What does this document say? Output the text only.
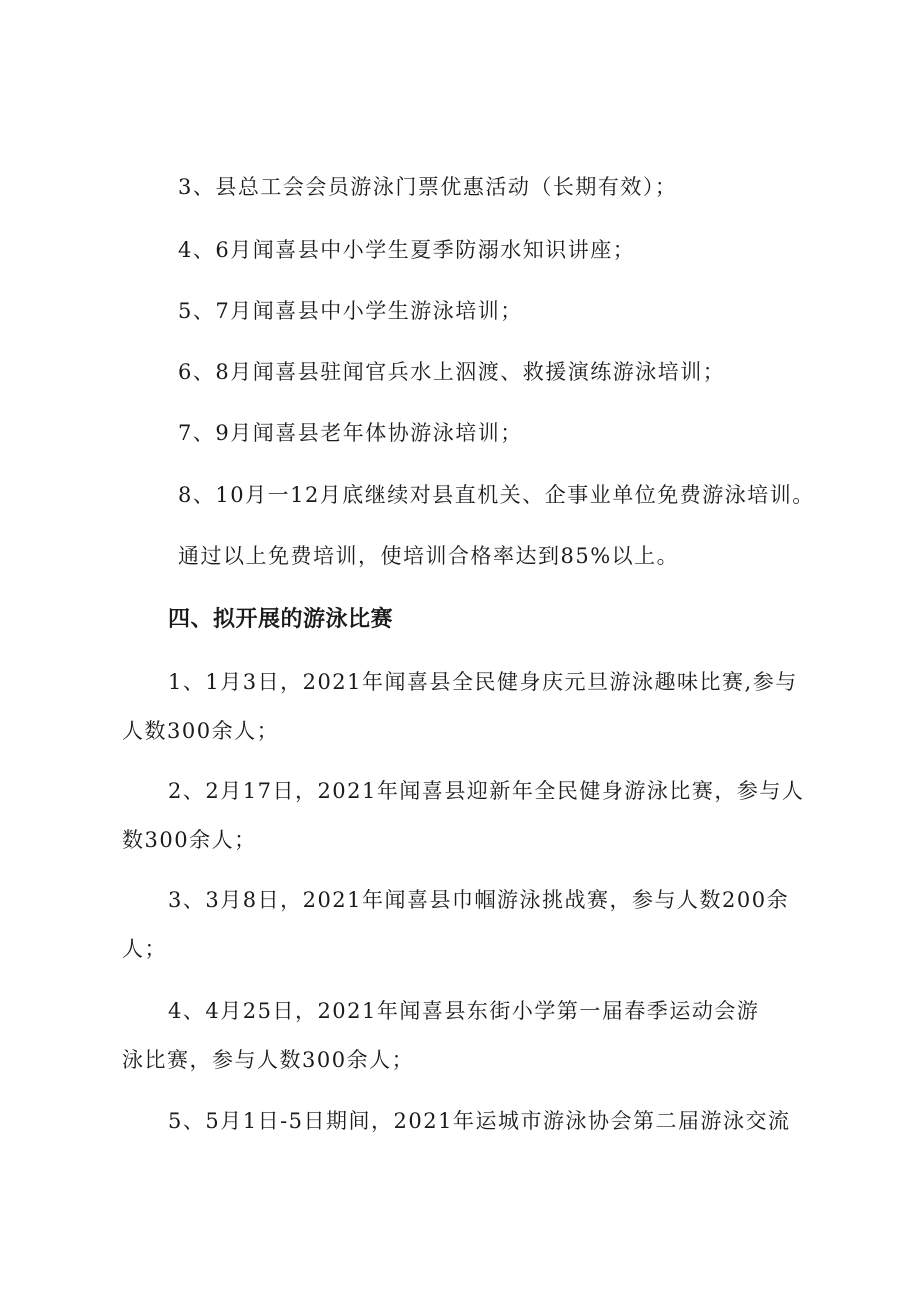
3、县总工会会员游泳门票优惠活动（长期有效）；
4、6月闻喜县中小学生夏季防溺水知识讲座；
5、7月闻喜县中小学生游泳培训；
6、8月闻喜县驻闻官兵水上泅渡、救援演练游泳培训；
7、9月闻喜县老年体协游泳培训；
8、10月一12月底继续对县直机关、企事业单位免费游泳培训。
通过以上免费培训，使培训合格率达到85%以上。
四、拟开展的游泳比赛
1、1月3日，2021年闻喜县全民健身庆元旦游泳趣味比赛,参与
人数300余人；
2、2月17日，2021年闻喜县迎新年全民健身游泳比赛，参与人
数300余人；
3、3月8日，2021年闻喜县巾帼游泳挑战赛，参与人数200余
人；
4、4月25日，2021年闻喜县东街小学第一届春季运动会游
泳比赛，参与人数300余人；
5、5月1日-5日期间，2021年运城市游泳协会第二届游泳交流
